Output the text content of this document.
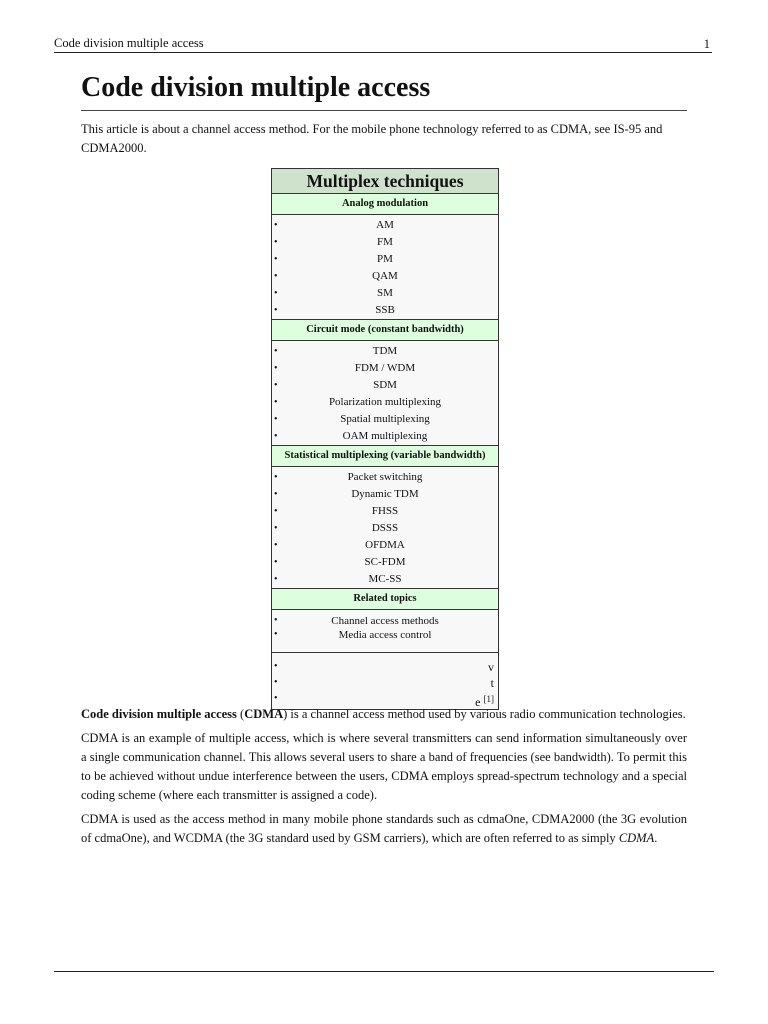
Code division multiple access	1
Code division multiple access

This article is about a channel access method. For the mobile phone technology referred to as CDMA, see IS-95 and CDMA2000.

Multiplex techniques
Analog modulation
•	AM
•	FM
•	PM
•	QAM
•	SM
•	SSB
Circuit mode (constant bandwidth)
•	TDM
•	FDM / WDM
•	SDM
•	Polarization multiplexing
•	Spatial multiplexing
•	OAM multiplexing
Statistical multiplexing (variable bandwidth)
•	Packet switching
•	Dynamic TDM
•	FHSS
•	DSSS
•	OFDMA
•	SC-FDM
•	MC-SS
Related topics
•	Channel access methods
•	Media access control
•	v
•	t
•	e [1]

Code division multiple access (CDMA) is a channel access method used by various radio communication technologies.

CDMA is an example of multiple access, which is where several transmitters can send information simultaneously over a single communication channel. This allows several users to share a band of frequencies (see bandwidth). To permit this to be achieved without undue interference between the users, CDMA employs spread-spectrum technology and a special coding scheme (where each transmitter is assigned a code).

CDMA is used as the access method in many mobile phone standards such as cdmaOne, CDMA2000 (the 3G evolution of cdmaOne), and WCDMA (the 3G standard used by GSM carriers), which are often referred to as simply CDMA.
